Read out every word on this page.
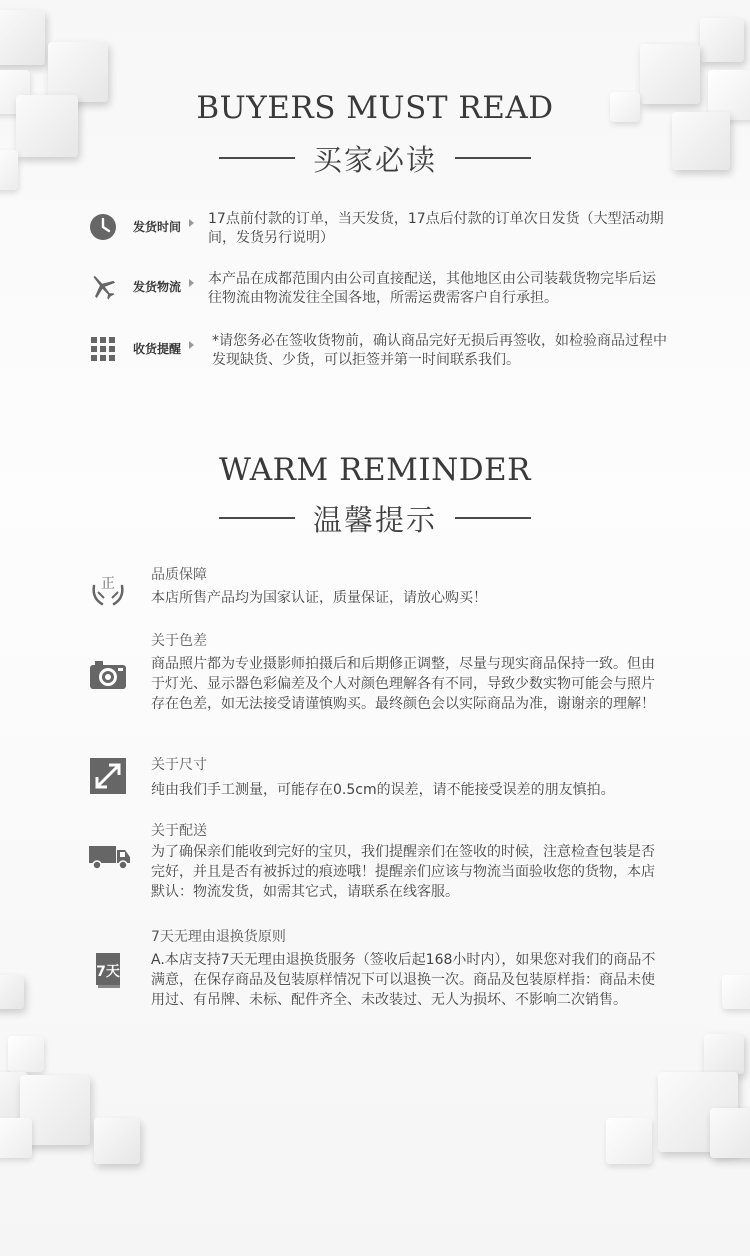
BUYERS MUST READ
买家必读
发货时间 17点前付款的订单，当天发货，17点后付款的订单次日发货（大型活动期间，发货另行说明）
发货物流 本产品在成都范围内由公司直接配送，其他地区由公司装载货物完毕后运往物流由物流发往全国各地，所需运费需客户自行承担。
收货提醒 *请您务必在签收货物前，确认商品完好无损后再签收，如检验商品过程中发现缺货、少货，可以拒签并第一时间联系我们。
WARM REMINDER
温馨提示
正
品质保障
本店所售产品均为国家认证，质量保证，请放心购买！
关于色差
商品照片都为专业摄影师拍摄后和后期修正调整，尽量与现实商品保持一致。但由于灯光、显示器色彩偏差及个人对颜色理解各有不同，导致少数实物可能会与照片存在色差，如无法接受请谨慎购买。最终颜色会以实际商品为准，谢谢亲的理解！
关于尺寸
纯由我们手工测量，可能存在0.5cm的误差，请不能接受误差的朋友慎拍。
关于配送
为了确保亲们能收到完好的宝贝，我们提醒亲们在签收的时候，注意检查包装是否完好，并且是否有被拆过的痕迹哦！提醒亲们应该与物流当面验收您的货物，本店默认：物流发货，如需其它式，请联系在线客服。
7天
7天无理由退换货原则
A.本店支持7天无理由退换货服务（签收后起168小时内），如果您对我们的商品不满意，在保存商品及包装原样情况下可以退换一次。商品及包装原样指：商品未使用过、有吊牌、未标、配件齐全、未改装过、无人为损坏、不影响二次销售。
